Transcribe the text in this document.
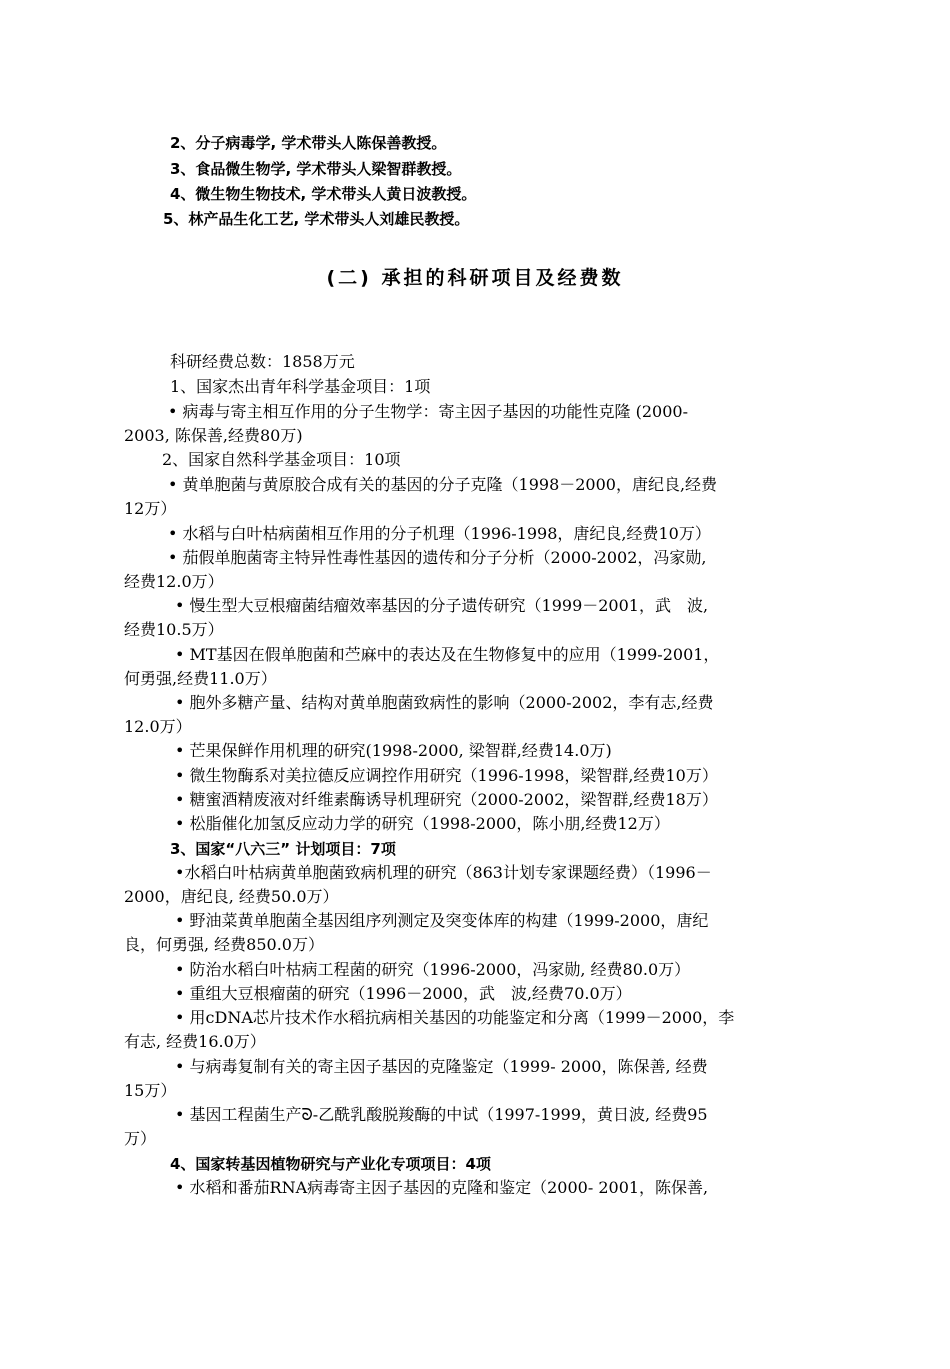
2、分子病毒学, 学术带头人陈保善教授。
3、食品微生物学, 学术带头人梁智群教授。
4、微生物生物技术, 学术带头人黄日波教授。
5、林产品生化工艺, 学术带头人刘雄民教授。
(二) 承担的科研项目及经费数
科研经费总数：1858万元
1、国家杰出青年科学基金项目：1项
• 病毒与寄主相互作用的分子生物学：寄主因子基因的功能性克隆 (2000-
2003, 陈保善,经费80万)
2、国家自然科学基金项目：10项
• 黄单胞菌与黄原胶合成有关的基因的分子克隆（1998－2000，唐纪良,经费
12万）
• 水稻与白叶枯病菌相互作用的分子机理（1996-1998，唐纪良,经费10万）
• 茄假单胞菌寄主特异性毒性基因的遗传和分子分析（2000-2002，冯家勋,
经费12.0万）
• 慢生型大豆根瘤菌结瘤效率基因的分子遗传研究（1999－2001，武　波,
经费10.5万）
• MT基因在假单胞菌和苎麻中的表达及在生物修复中的应用（1999-2001，
何勇强,经费11.0万）
• 胞外多糖产量、结构对黄单胞菌致病性的影响（2000-2002，李有志,经费
12.0万）
• 芒果保鲜作用机理的研究(1998-2000, 梁智群,经费14.0万)
• 微生物酶系对美拉德反应调控作用研究（1996-1998，梁智群,经费10万）
• 糖蜜酒精废液对纤维素酶诱导机理研究（2000-2002，梁智群,经费18万）
• 松脂催化加氢反应动力学的研究（1998-2000，陈小朋,经费12万）
3、国家“八六三” 计划项目：7项
•水稻白叶枯病黄单胞菌致病机理的研究（863计划专家课题经费）（1996－
2000，唐纪良, 经费50.0万）
• 野油菜黄单胞菌全基因组序列测定及突变体库的构建（1999-2000，唐纪
良，何勇强, 经费850.0万）
• 防治水稻白叶枯病工程菌的研究（1996-2000，冯家勋, 经费80.0万）
• 重组大豆根瘤菌的研究（1996－2000，武　波,经费70.0万）
• 用cDNA芯片技术作水稻抗病相关基因的功能鉴定和分离（1999－2000，李
有志, 经费16.0万）
• 与病毒复制有关的寄主因子基因的克隆鉴定（1999- 2000，陈保善, 经费
15万）
• 基因工程菌生产ᘐ-乙酰乳酸脱羧酶的中试（1997-1999，黄日波, 经费95
万）
4、国家转基因植物研究与产业化专项项目：4项
• 水稻和番茄RNA病毒寄主因子基因的克隆和鉴定（2000- 2001，陈保善,
